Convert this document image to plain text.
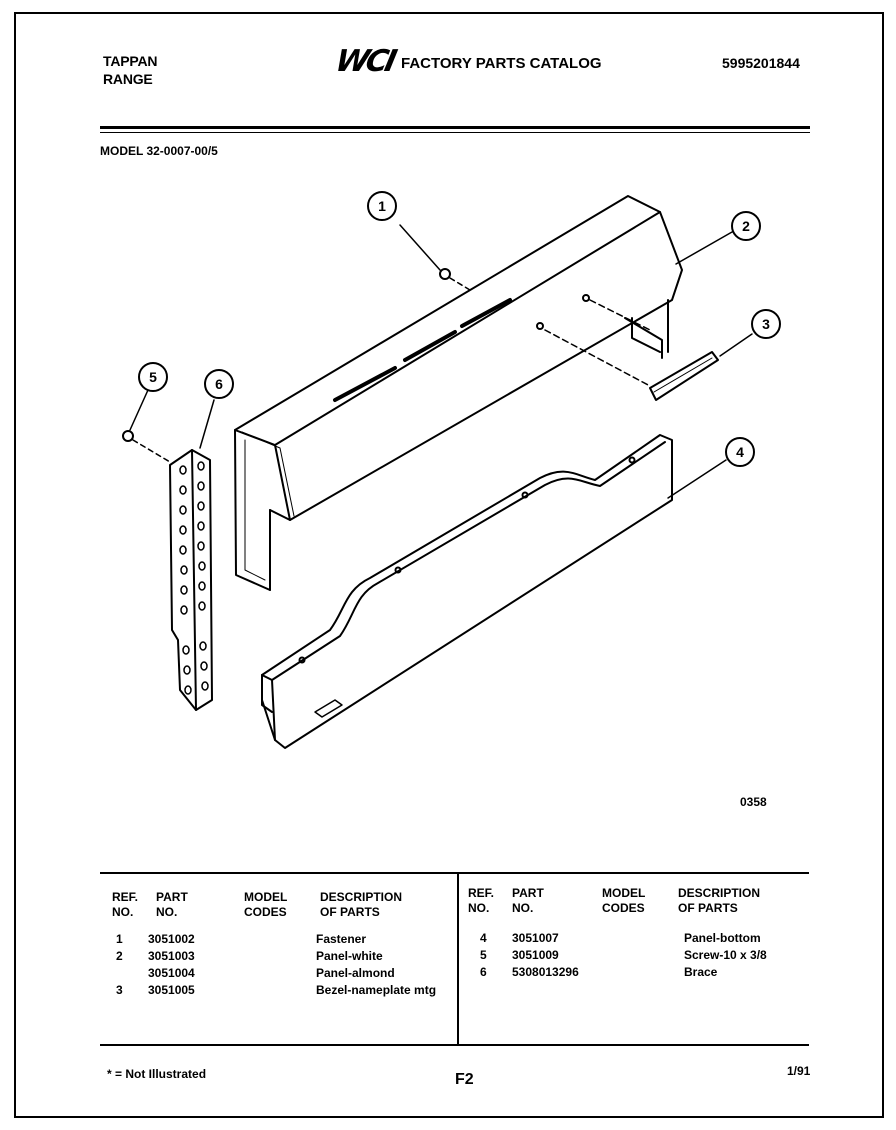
TAPPAN
RANGE	WCI FACTORY PARTS CATALOG	5995201844
MODEL 32-0007-00/5
1
2
3
4
5	6
0358
REF.
NO.
PART
NO.
MODEL
CODES
DESCRIPTION
OF PARTS
REF.
NO.
PART
NO.
MODEL
CODES
DESCRIPTION
OF PARTS
1 3051002	Fastener
2 3051003	Panel-white
3051004	Panel-almond
3 3051005	Bezel-nameplate mtg
4 3051007	Panel-bottom
5 3051009	Screw-10 x 3/8
6 5308013296	Brace
* = Not Illustrated	F2	1/91
